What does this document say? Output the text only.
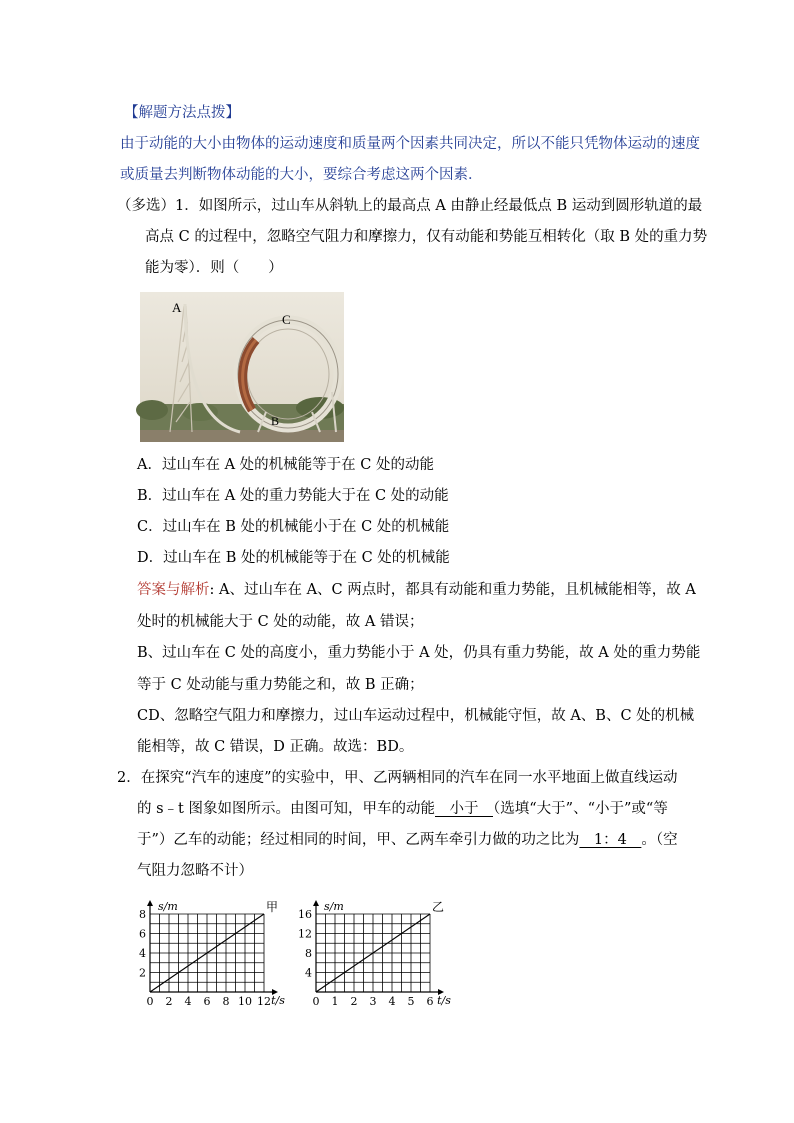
【解题方法点拨】
由于动能的大小由物体的运动速度和质量两个因素共同决定，所以不能只凭物体运动的速度
或质量去判断物体动能的大小，要综合考虑这两个因素．
（多选）1．如图所示，过山车从斜轨上的最高点 A 由静止经最低点 B 运动到圆形轨道的最
高点 C 的过程中，忽略空气阻力和摩擦力，仅有动能和势能互相转化（取 B 处的重力势
能为零）．则（　　）
A
C
B
A．过山车在 A 处的机械能等于在 C 处的动能
B．过山车在 A 处的重力势能大于在 C 处的动能
C．过山车在 B 处的机械能小于在 C 处的机械能
D．过山车在 B 处的机械能等于在 C 处的机械能
答案与解析: A、过山车在 A、C 两点时，都具有动能和重力势能，且机械能相等，故 A
处时的机械能大于 C 处的动能，故 A 错误；
B、过山车在 C 处的高度小，重力势能小于 A 处，仍具有重力势能，故 A 处的重力势能
等于 C 处动能与重力势能之和，故 B 正确；
CD、忽略空气阻力和摩擦力，过山车运动过程中，机械能守恒，故 A、B、C 处的机械
能相等，故 C 错误，D 正确。故选：BD。
2．在探究“汽车的速度”的实验中，甲、乙两辆相同的汽车在同一水平地面上做直线运动
的 s﹣t 图象如图所示。由图可知，甲车的动能　小于　（选填“大于”、“小于”或“等
于”）乙车的动能；经过相同的时间，甲、乙两车牵引力做的功之比为　1：4　。（空
气阻力忽略不计）
0 2 4 6 8 10 12
2
4
6
8
t/s
s/m	甲
0 1 2 3 4 5 6
4
8
12
16
t/s
s/m	乙
